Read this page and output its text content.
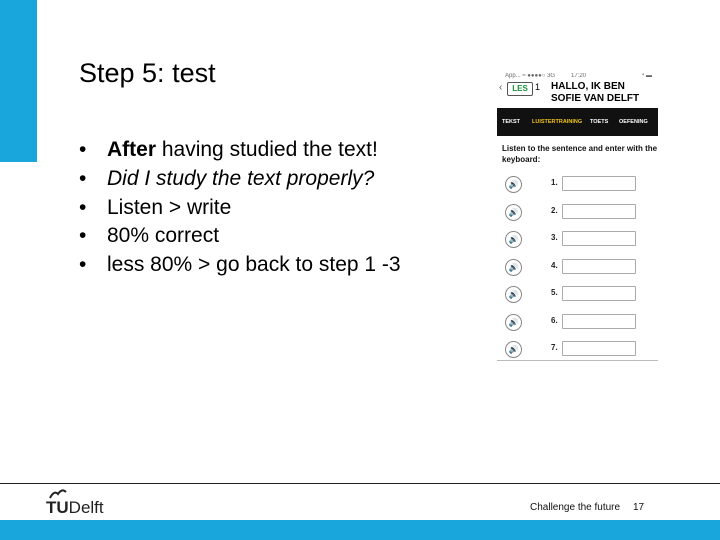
Step 5: test
• After having studied the text!
• Did I study the text properly?
• Listen > write
• 80% correct
• less 80% > go back to step 1 -3
App... ≈ ●●●●○ 3G	17:20	⁴ ▬
‹	LES 1 HALLO, IK BEN
SOFIE VAN DELFT
TEKST LUISTERTRAINING TOETS OEFENING
Listen to the sentence and enter with the keyboard:
🔊	1.
🔊	2.
🔊	3.
🔊	4.
🔊	5.
🔊	6.
🔊	7.
TUDelft	Challenge the future 17
